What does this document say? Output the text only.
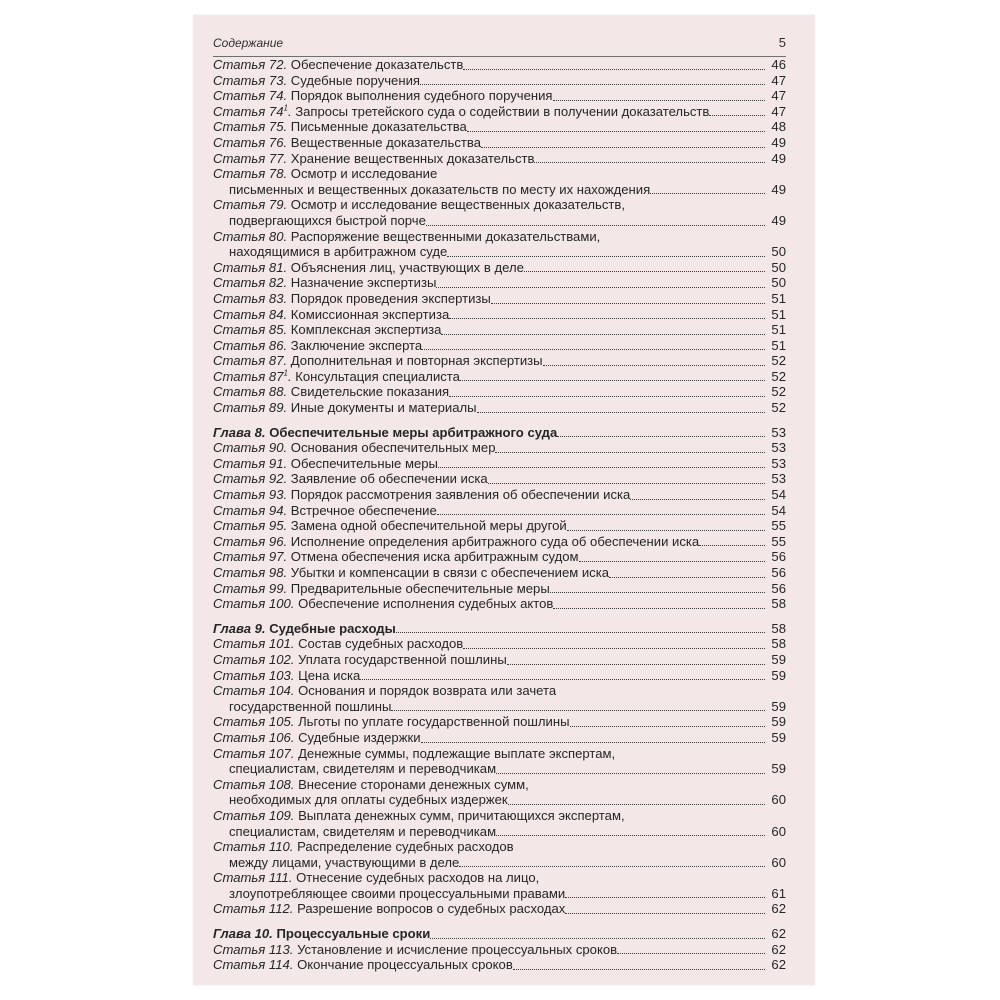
Содержание	5
Статья 72. Обеспечение доказательств	46
Статья 73. Судебные поручения	47
Статья 74. Порядок выполнения судебного поручения	47
Статья $74^1$. Запросы третейского суда о содействии в получении доказательств	47
Статья 75. Письменные доказательства	48
Статья 76. Вещественные доказательства	49
Статья 77. Хранение вещественных доказательств	49
Статья 78. Осмотр и исследование
письменных и вещественных доказательств по месту их нахождения	49
Статья 79. Осмотр и исследование вещественных доказательств,
подвергающихся быстрой порче	49
Статья 80. Распоряжение вещественными доказательствами,
находящимися в арбитражном суде	50
Статья 81. Объяснения лиц, участвующих в деле	50
Статья 82. Назначение экспертизы	50
Статья 83. Порядок проведения экспертизы	51
Статья 84. Комиссионная экспертиза	51
Статья 85. Комплексная экспертиза	51
Статья 86. Заключение эксперта	51
Статья 87. Дополнительная и повторная экспертизы	52
Статья $87^1$. Консультация специалиста	52
Статья 88. Свидетельские показания	52
Статья 89. Иные документы и материалы	52
Глава 8. Обеспечительные меры арбитражного суда	53
Статья 90. Основания обеспечительных мер	53
Статья 91. Обеспечительные меры	53
Статья 92. Заявление об обеспечении иска	53
Статья 93. Порядок рассмотрения заявления об обеспечении иска	54
Статья 94. Встречное обеспечение	54
Статья 95. Замена одной обеспечительной меры другой	55
Статья 96. Исполнение определения арбитражного суда об обеспечении иска	55
Статья 97. Отмена обеспечения иска арбитражным судом	56
Статья 98. Убытки и компенсации в связи с обеспечением иска	56
Статья 99. Предварительные обеспечительные меры	56
Статья 100. Обеспечение исполнения судебных актов	58
Глава 9. Судебные расходы	58
Статья 101. Состав судебных расходов	58
Статья 102. Уплата государственной пошлины	59
Статья 103. Цена иска	59
Статья 104. Основания и порядок возврата или зачета
государственной пошлины	59
Статья 105. Льготы по уплате государственной пошлины	59
Статья 106. Судебные издержки	59
Статья 107. Денежные суммы, подлежащие выплате экспертам,
специалистам, свидетелям и переводчикам	59
Статья 108. Внесение сторонами денежных сумм,
необходимых для оплаты судебных издержек	60
Статья 109. Выплата денежных сумм, причитающихся экспертам,
специалистам, свидетелям и переводчикам	60
Статья 110. Распределение судебных расходов
между лицами, участвующими в деле	60
Статья 111. Отнесение судебных расходов на лицо,
злоупотребляющее своими процессуальными правами	61
Статья 112. Разрешение вопросов о судебных расходах	62
Глава 10. Процессуальные сроки	62
Статья 113. Установление и исчисление процессуальных сроков	62
Статья 114. Окончание процессуальных сроков	62
